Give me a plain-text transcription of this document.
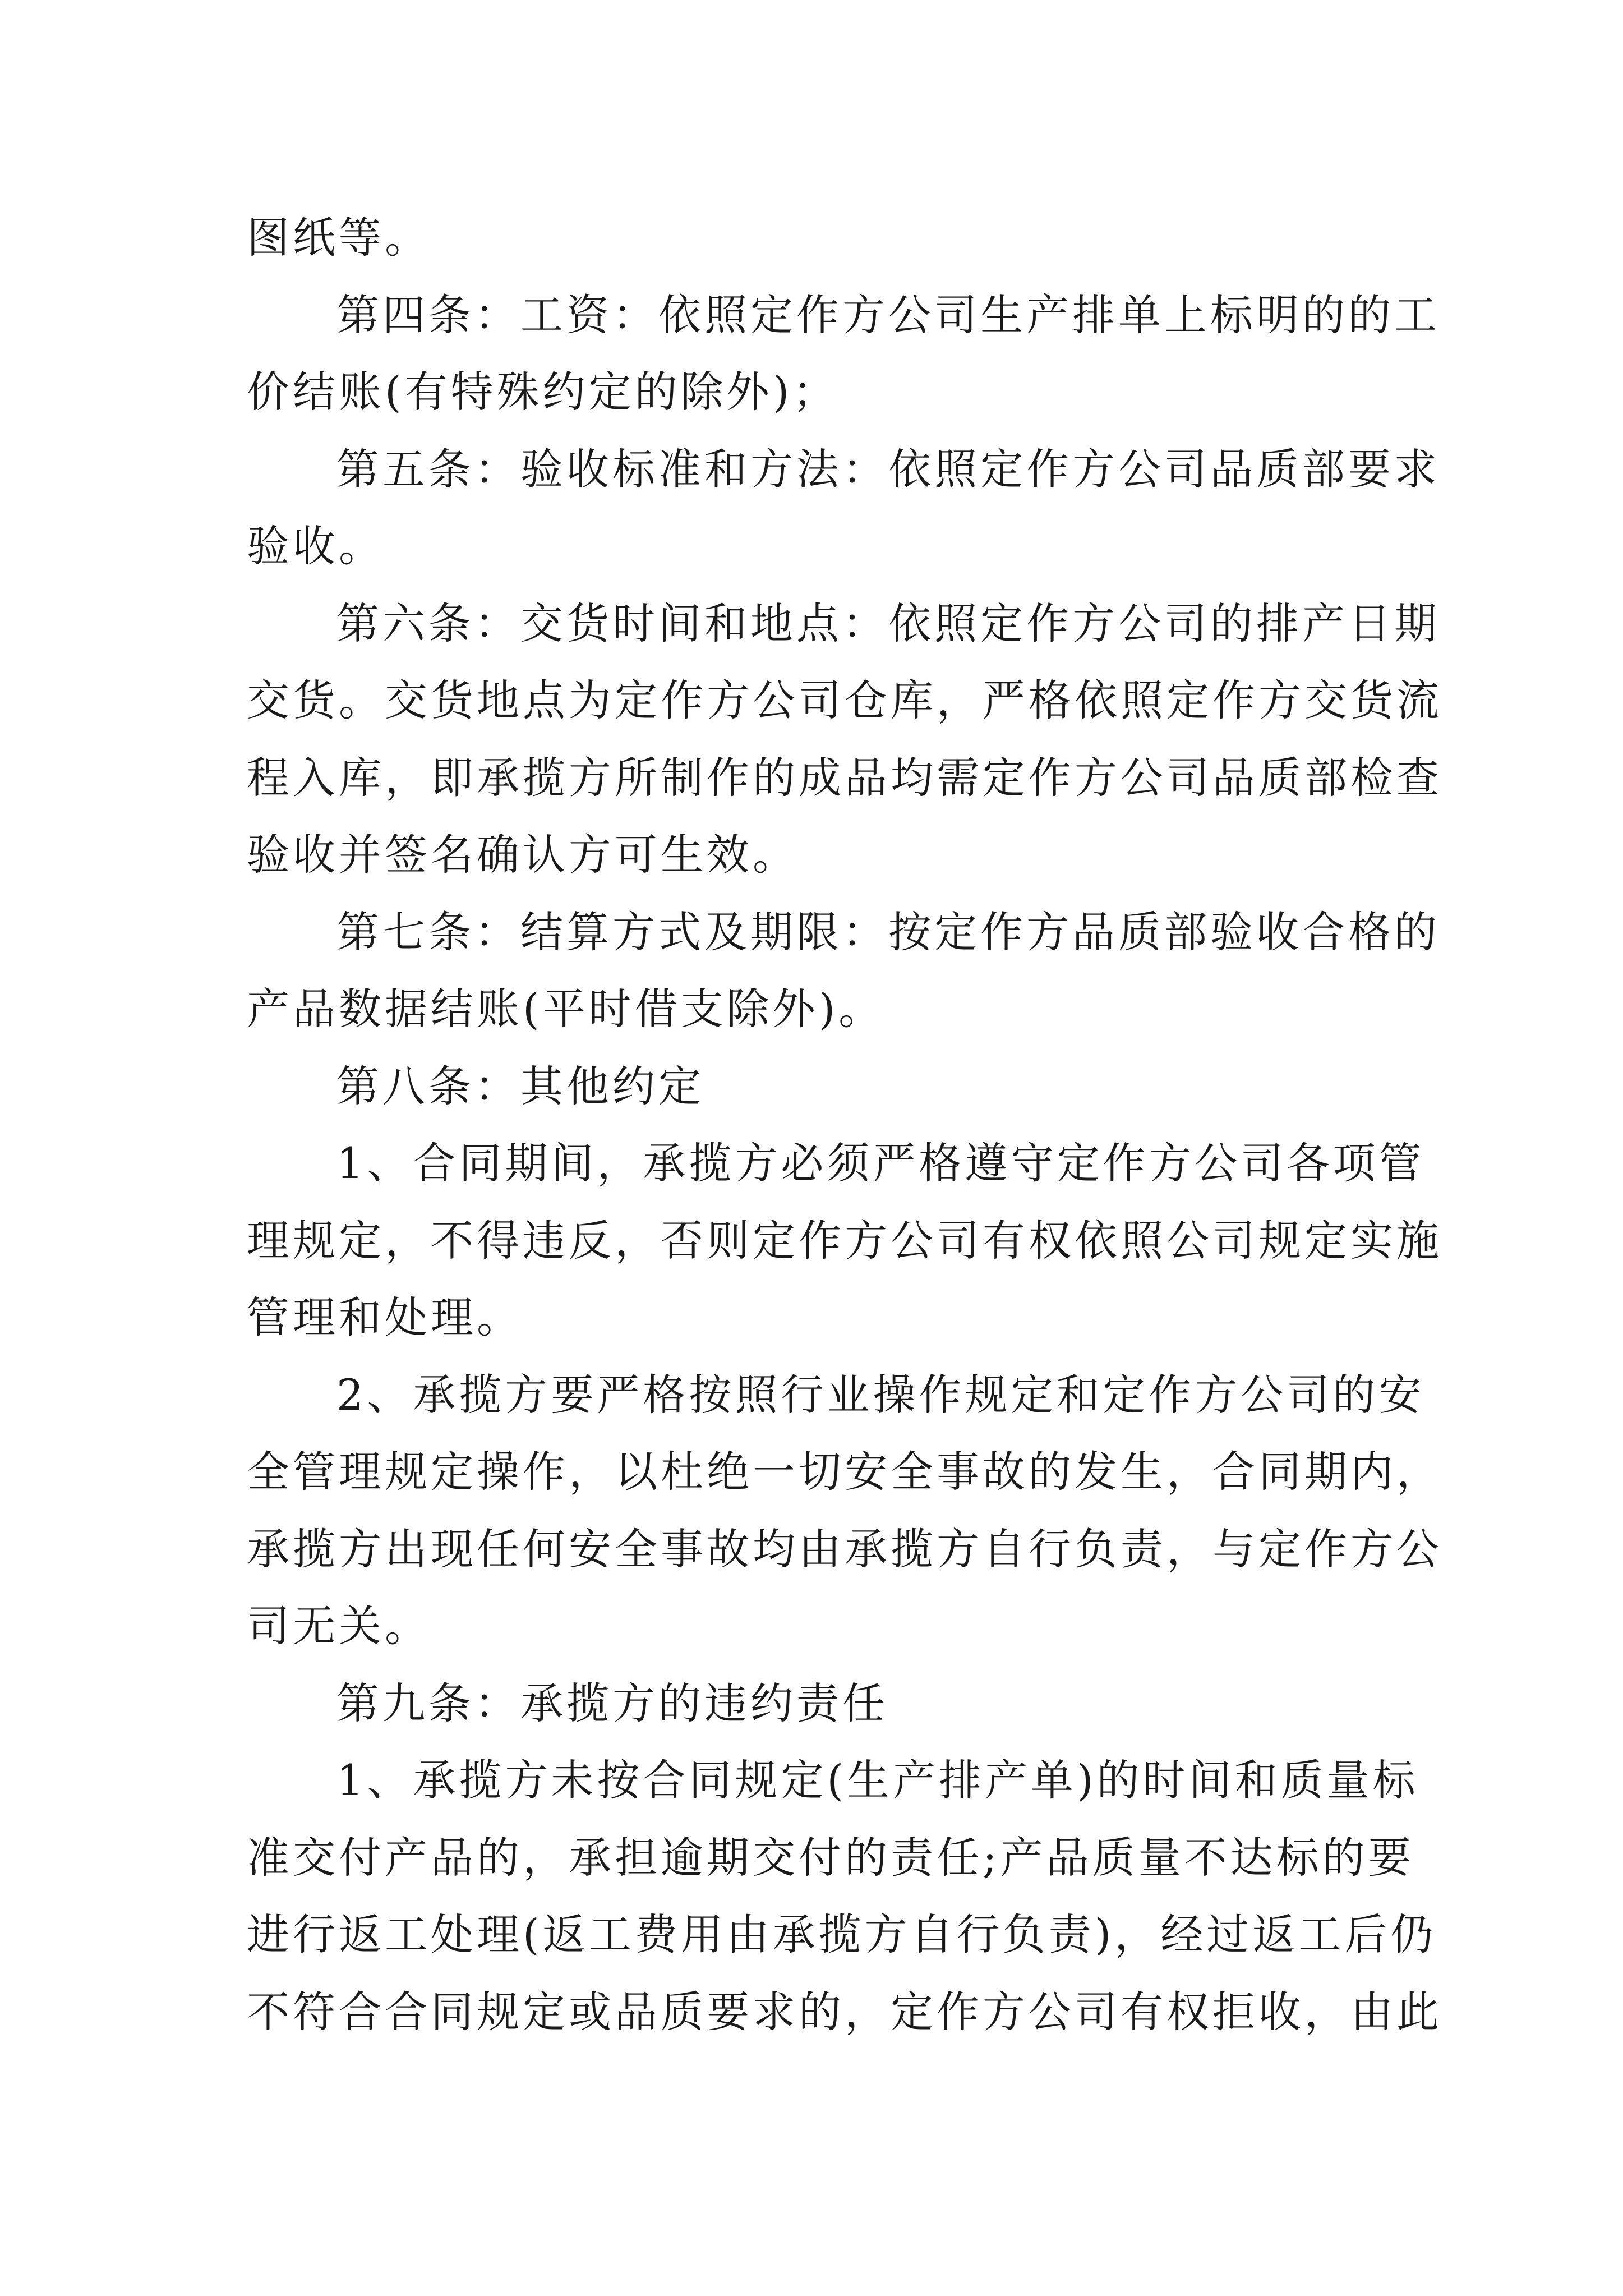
图纸等。

第四条：工资：依照定作方公司生产排单上标明的的工

价结账(有特殊约定的除外)；

第五条：验收标准和方法：依照定作方公司品质部要求

验收。

第六条：交货时间和地点：依照定作方公司的排产日期

交货。交货地点为定作方公司仓库，严格依照定作方交货流

程入库，即承揽方所制作的成品均需定作方公司品质部检查

验收并签名确认方可生效。

第七条：结算方式及期限：按定作方品质部验收合格的

产品数据结账(平时借支除外)。

第八条：其他约定

1、合同期间，承揽方必须严格遵守定作方公司各项管

理规定，不得违反，否则定作方公司有权依照公司规定实施

管理和处理。

2、承揽方要严格按照行业操作规定和定作方公司的安

全管理规定操作，以杜绝一切安全事故的发生，合同期内，

承揽方出现任何安全事故均由承揽方自行负责，与定作方公

司无关。

第九条：承揽方的违约责任

1、承揽方未按合同规定(生产排产单)的时间和质量标

准交付产品的，承担逾期交付的责任;产品质量不达标的要

进行返工处理(返工费用由承揽方自行负责)，经过返工后仍

不符合合同规定或品质要求的，定作方公司有权拒收，由此
